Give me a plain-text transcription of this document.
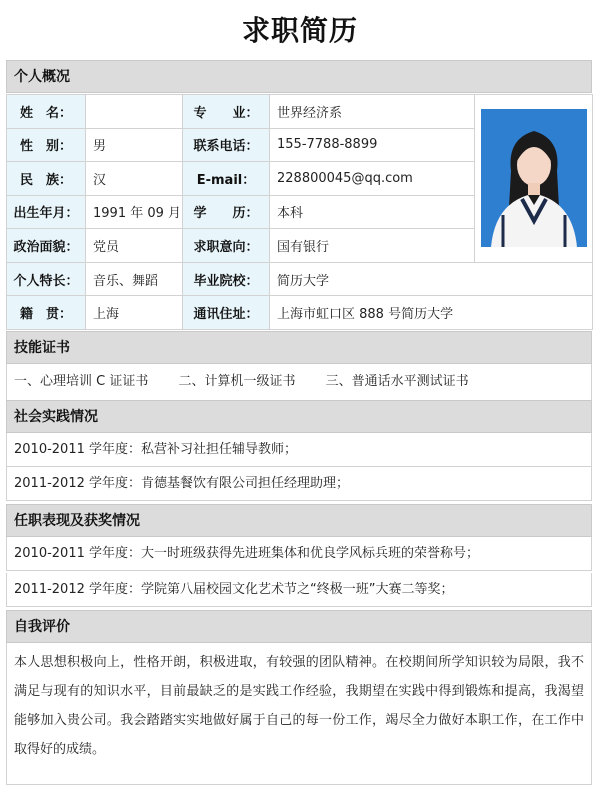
求职简历
个人概况
姓　名：		专　　业：	世界经济系	

性　别：	男	联系电话：	155-7788-8899	
民　族：	汉	E-mail：	228800045@qq.com	
出生年月：	1991 年 09 月	学　　历：	本科	
政治面貌：	党员	求职意向：	国有银行	
个人特长：	音乐、舞蹈	毕业院校：	简历大学	
籍　贯：	上海	通讯住址：	上海市虹口区 888 号简历大学	
技能证书
一、心理培训 C 证证书 二、计算机一级证书 三、普通话水平测试证书
社会实践情况
2010-2011 学年度：私营补习社担任辅导教师；
2011-2012 学年度：肯德基餐饮有限公司担任经理助理；
任职表现及获奖情况
2010-2011 学年度：大一时班级获得先进班集体和优良学风标兵班的荣誉称号；
2011-2012 学年度：学院第八届校园文化艺术节之“终极一班”大赛二等奖；
自我评价
本人思想积极向上，性格开朗，积极进取，有较强的团队精神。在校期间所学知识较为局限，我不满足与现有的知识水平，目前最缺乏的是实践工作经验，我期望在实践中得到锻炼和提高，我渴望能够加入贵公司。我会踏踏实实地做好属于自己的每一份工作，竭尽全力做好本职工作，在工作中取得好的成绩。
